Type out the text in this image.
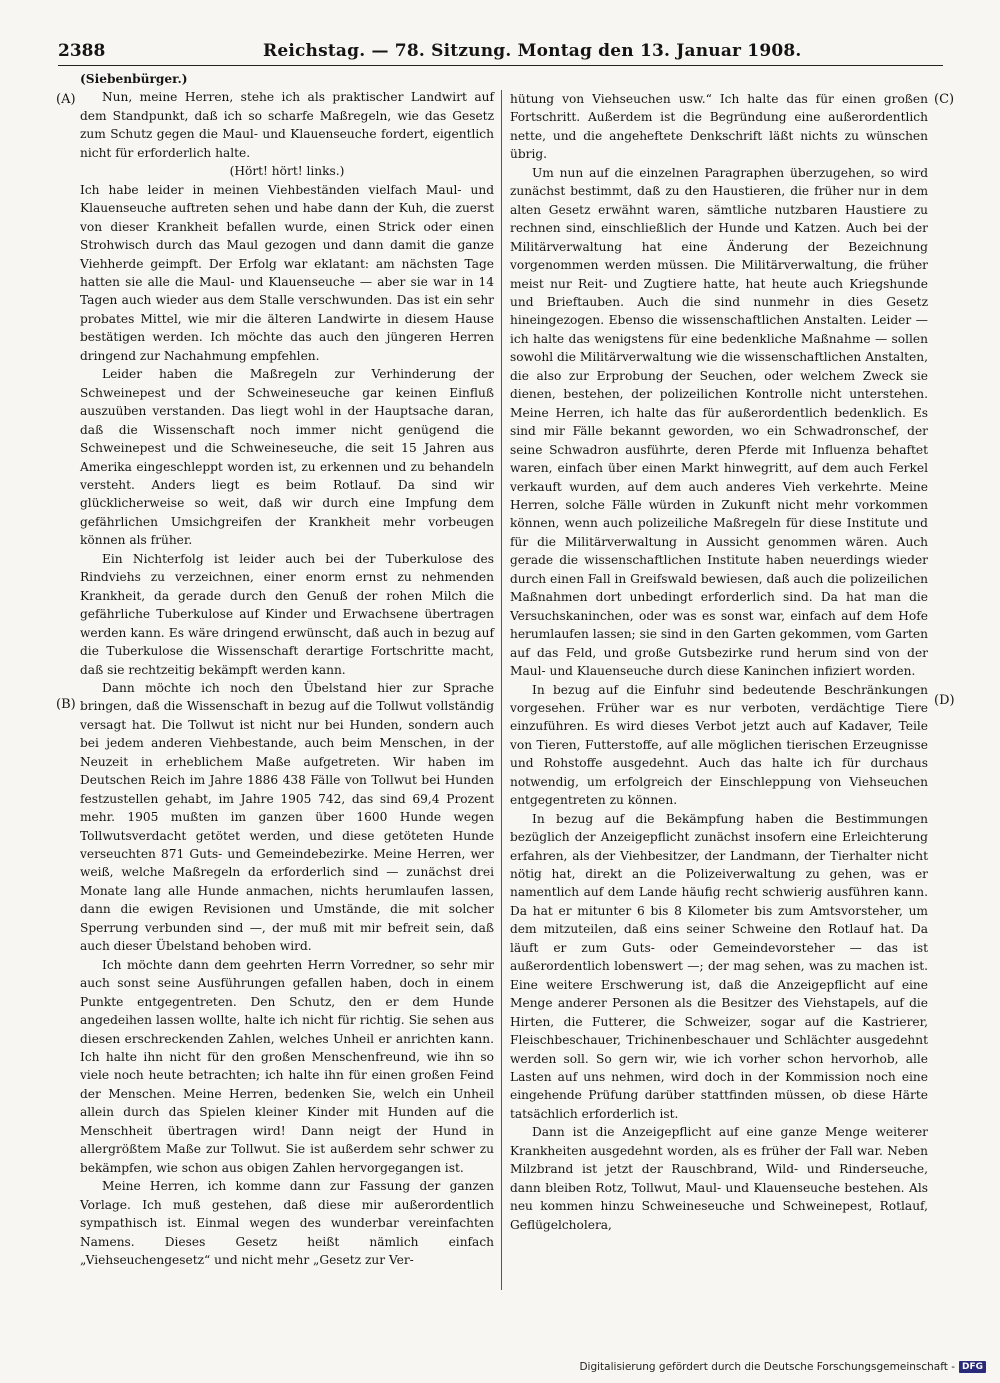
2388	Reichstag. — 78. Sitzung. Montag den 13. Januar 1908.
(A)
(B)
(C)
(D)

(Siebenbürger.)

Nun, meine Herren, stehe ich als praktischer Landwirt auf dem Standpunkt, daß ich so scharfe Maßregeln, wie das Gesetz zum Schutz gegen die Maul- und Klauenseuche fordert, eigentlich nicht für erforderlich halte.

(Hört! hört! links.)

Ich habe leider in meinen Viehbeständen vielfach Maul- und Klauenseuche auftreten sehen und habe dann der Kuh, die zuerst von dieser Krankheit befallen wurde, einen Strick oder einen Strohwisch durch das Maul gezogen und dann damit die ganze Viehherde geimpft. Der Erfolg war eklatant: am nächsten Tage hatten sie alle die Maul- und Klauenseuche — aber sie war in 14 Tagen auch wieder aus dem Stalle verschwunden. Das ist ein sehr probates Mittel, wie mir die älteren Landwirte in diesem Hause bestätigen werden. Ich möchte das auch den jüngeren Herren dringend zur Nachahmung empfehlen.

Leider haben die Maßregeln zur Verhinderung der Schweinepest und der Schweineseuche gar keinen Einfluß auszuüben verstanden. Das liegt wohl in der Hauptsache daran, daß die Wissenschaft noch immer nicht genügend die Schweinepest und die Schweineseuche, die seit 15 Jahren aus Amerika eingeschleppt worden ist, zu erkennen und zu behandeln versteht. Anders liegt es beim Rotlauf. Da sind wir glücklicherweise so weit, daß wir durch eine Impfung dem gefährlichen Umsichgreifen der Krankheit mehr vorbeugen können als früher.

Ein Nichterfolg ist leider auch bei der Tuberkulose des Rindviehs zu verzeichnen, einer enorm ernst zu nehmenden Krankheit, da gerade durch den Genuß der rohen Milch die gefährliche Tuberkulose auf Kinder und Erwachsene übertragen werden kann. Es wäre dringend erwünscht, daß auch in bezug auf die Tuberkulose die Wissenschaft derartige Fortschritte macht, daß sie rechtzeitig bekämpft werden kann.

Dann möchte ich noch den Übelstand hier zur Sprache bringen, daß die Wissenschaft in bezug auf die Tollwut vollständig versagt hat. Die Tollwut ist nicht nur bei Hunden, sondern auch bei jedem anderen Viehbestande, auch beim Menschen, in der Neuzeit in erheblichem Maße aufgetreten. Wir haben im Deutschen Reich im Jahre 1886 438 Fälle von Tollwut bei Hunden festzustellen gehabt, im Jahre 1905 742, das sind 69,4 Prozent mehr. 1905 mußten im ganzen über 1600 Hunde wegen Tollwutsverdacht getötet werden, und diese getöteten Hunde verseuchten 871 Guts- und Gemeindebezirke. Meine Herren, wer weiß, welche Maßregeln da erforderlich sind — zunächst drei Monate lang alle Hunde anmachen, nichts herumlaufen lassen, dann die ewigen Revisionen und Umstände, die mit solcher Sperrung verbunden sind —, der muß mit mir befreit sein, daß auch dieser Übelstand behoben wird.

Ich möchte dann dem geehrten Herrn Vorredner, so sehr mir auch sonst seine Ausführungen gefallen haben, doch in einem Punkte entgegentreten. Den Schutz, den er dem Hunde angedeihen lassen wollte, halte ich nicht für richtig. Sie sehen aus diesen erschreckenden Zahlen, welches Unheil er anrichten kann. Ich halte ihn nicht für den großen Menschenfreund, wie ihn so viele noch heute betrachten; ich halte ihn für einen großen Feind der Menschen. Meine Herren, bedenken Sie, welch ein Unheil allein durch das Spielen kleiner Kinder mit Hunden auf die Menschheit übertragen wird! Dann neigt der Hund in allergrößtem Maße zur Tollwut. Sie ist außerdem sehr schwer zu bekämpfen, wie schon aus obigen Zahlen hervorgegangen ist.

Meine Herren, ich komme dann zur Fassung der ganzen Vorlage. Ich muß gestehen, daß diese mir außerordentlich sympathisch ist. Einmal wegen des wunderbar vereinfachten Namens. Dieses Gesetz heißt nämlich einfach „Viehseuchengesetz“ und nicht mehr „Gesetz zur Ver-

hütung von Viehseuchen usw.“ Ich halte das für einen großen Fortschritt. Außerdem ist die Begründung eine außerordentlich nette, und die angeheftete Denkschrift läßt nichts zu wünschen übrig.

Um nun auf die einzelnen Paragraphen überzugehen, so wird zunächst bestimmt, daß zu den Haustieren, die früher nur in dem alten Gesetz erwähnt waren, sämtliche nutzbaren Haustiere zu rechnen sind, einschließlich der Hunde und Katzen. Auch bei der Militärverwaltung hat eine Änderung der Bezeichnung vorgenommen werden müssen. Die Militärverwaltung, die früher meist nur Reit- und Zugtiere hatte, hat heute auch Kriegshunde und Brieftauben. Auch die sind nunmehr in dies Gesetz hineingezogen. Ebenso die wissenschaftlichen Anstalten. Leider — ich halte das wenigstens für eine bedenkliche Maßnahme — sollen sowohl die Militärverwaltung wie die wissenschaftlichen Anstalten, die also zur Erprobung der Seuchen, oder welchem Zweck sie dienen, bestehen, der polizeilichen Kontrolle nicht unterstehen. Meine Herren, ich halte das für außerordentlich bedenklich. Es sind mir Fälle bekannt geworden, wo ein Schwadronschef, der seine Schwadron ausführte, deren Pferde mit Influenza behaftet waren, einfach über einen Markt hinwegritt, auf dem auch Ferkel verkauft wurden, auf dem auch anderes Vieh verkehrte. Meine Herren, solche Fälle würden in Zukunft nicht mehr vorkommen können, wenn auch polizeiliche Maßregeln für diese Institute und für die Militärverwaltung in Aussicht genommen wären. Auch gerade die wissenschaftlichen Institute haben neuerdings wieder durch einen Fall in Greifswald bewiesen, daß auch die polizeilichen Maßnahmen dort unbedingt erforderlich sind. Da hat man die Versuchskaninchen, oder was es sonst war, einfach auf dem Hofe herumlaufen lassen; sie sind in den Garten gekommen, vom Garten auf das Feld, und große Gutsbezirke rund herum sind von der Maul- und Klauenseuche durch diese Kaninchen infiziert worden.

In bezug auf die Einfuhr sind bedeutende Beschränkungen vorgesehen. Früher war es nur verboten, verdächtige Tiere einzuführen. Es wird dieses Verbot jetzt auch auf Kadaver, Teile von Tieren, Futterstoffe, auf alle möglichen tierischen Erzeugnisse und Rohstoffe ausgedehnt. Auch das halte ich für durchaus notwendig, um erfolgreich der Einschleppung von Viehseuchen entgegentreten zu können.

In bezug auf die Bekämpfung haben die Bestimmungen bezüglich der Anzeigepflicht zunächst insofern eine Erleichterung erfahren, als der Viehbesitzer, der Landmann, der Tierhalter nicht nötig hat, direkt an die Polizeiverwaltung zu gehen, was er namentlich auf dem Lande häufig recht schwierig ausführen kann. Da hat er mitunter 6 bis 8 Kilometer bis zum Amtsvorsteher, um dem mitzuteilen, daß eins seiner Schweine den Rotlauf hat. Da läuft er zum Guts- oder Gemeindevorsteher — das ist außerordentlich lobenswert —; der mag sehen, was zu machen ist. Eine weitere Erschwerung ist, daß die Anzeigepflicht auf eine Menge anderer Personen als die Besitzer des Viehstapels, auf die Hirten, die Futterer, die Schweizer, sogar auf die Kastrierer, Fleischbeschauer, Trichinenbeschauer und Schlächter ausgedehnt werden soll. So gern wir, wie ich vorher schon hervorhob, alle Lasten auf uns nehmen, wird doch in der Kommission noch eine eingehende Prüfung darüber stattfinden müssen, ob diese Härte tatsächlich erforderlich ist.

Dann ist die Anzeigepflicht auf eine ganze Menge weiterer Krankheiten ausgedehnt worden, als es früher der Fall war. Neben Milzbrand ist jetzt der Rauschbrand, Wild- und Rinderseuche, dann bleiben Rotz, Tollwut, Maul- und Klauenseuche bestehen. Als neu kommen hinzu Schweineseuche und Schweinepest, Rotlauf, Geflügelcholera,

Digitalisierung gefördert durch die Deutsche Forschungsgemeinschaft - DFG
